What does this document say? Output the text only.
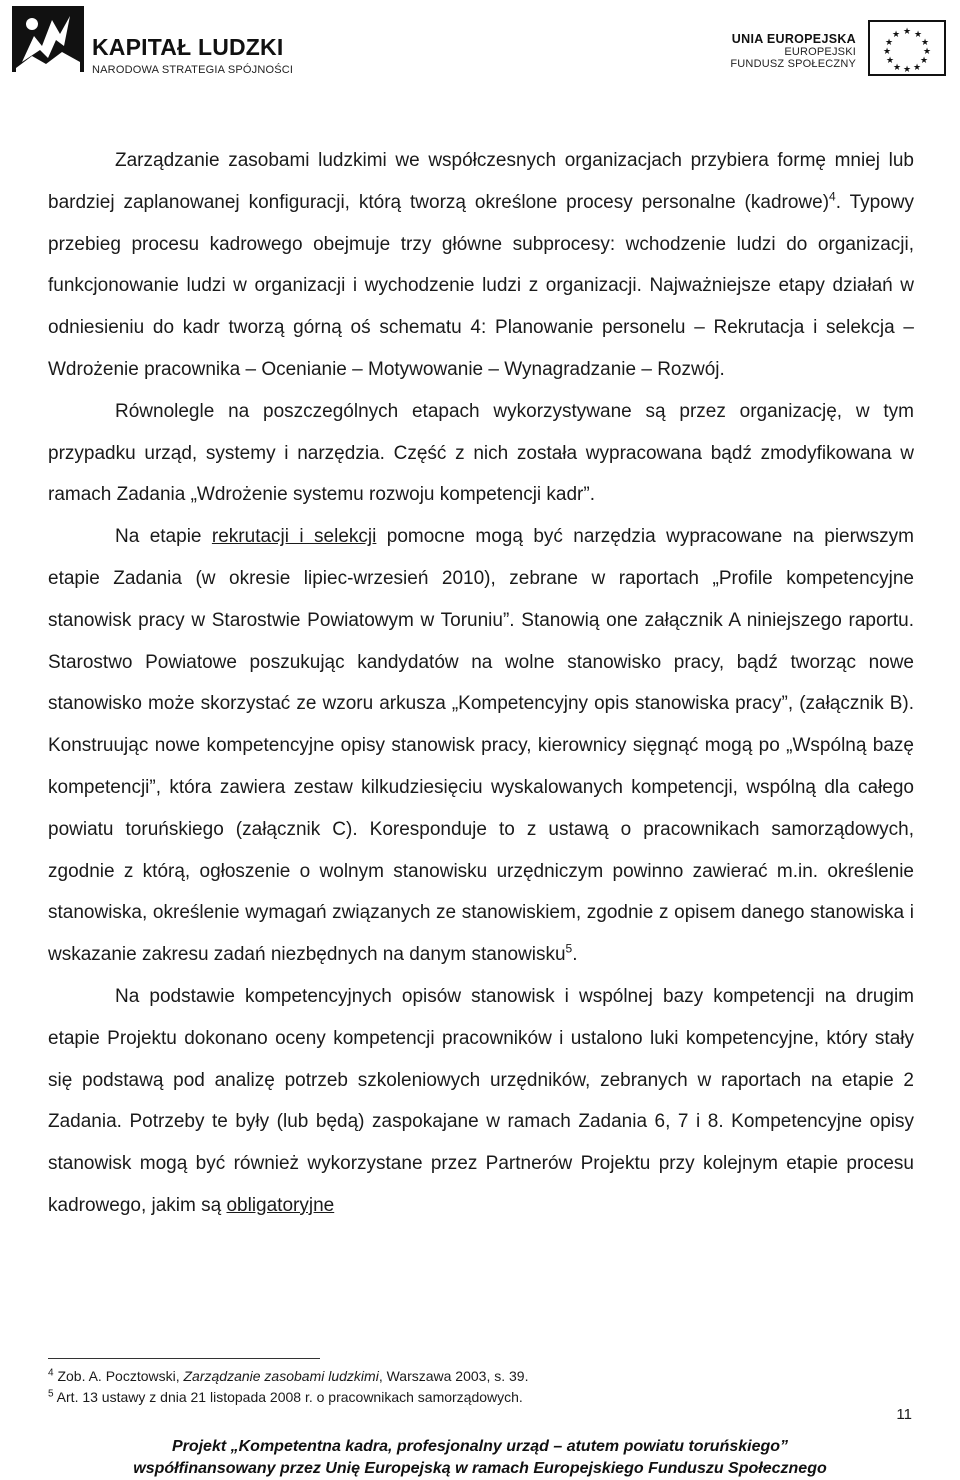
KAPITAŁ LUDZKI
NARODOWA STRATEGIA SPÓJNOŚCI
UNIA EUROPEJSKA
EUROPEJSKI
FUNDUSZ SPOŁECZNY
★ ★
★
★
★
★
★
★
★
★
★
★

Zarządzanie zasobami ludzkimi we współczesnych organizacjach przybiera formę mniej lub bardziej zaplanowanej konfiguracji, którą tworzą określone procesy personalne (kadrowe)$^4$. Typowy przebieg procesu kadrowego obejmuje trzy główne subprocesy: wchodzenie ludzi do organizacji, funkcjonowanie ludzi w organizacji i wychodzenie ludzi z organizacji. Najważniejsze etapy działań w odniesieniu do kadr tworzą górną oś schematu 4: Planowanie personelu – Rekrutacja i selekcja – Wdrożenie pracownika – Ocenianie – Motywowanie – Wynagradzanie – Rozwój.

Równolegle na poszczególnych etapach wykorzystywane są przez organizację, w tym przypadku urząd, systemy i narzędzia. Część z nich została wypracowana bądź zmodyfikowana w ramach Zadania „Wdrożenie systemu rozwoju kompetencji kadr”.

Na etapie rekrutacji i selekcji pomocne mogą być narzędzia wypracowane na pierwszym etapie Zadania (w okresie lipiec-wrzesień 2010), zebrane w raportach „Profile kompetencyjne stanowisk pracy w Starostwie Powiatowym w Toruniu”. Stanowią one załącznik A niniejszego raportu. Starostwo Powiatowe poszukując kandydatów na wolne stanowisko pracy, bądź tworząc nowe stanowisko może skorzystać ze wzoru arkusza „Kompetencyjny opis stanowiska pracy”, (załącznik B). Konstruując nowe kompetencyjne opisy stanowisk pracy, kierownicy sięgnąć mogą po „Wspólną bazę kompetencji”, która zawiera zestaw kilkudziesięciu wyskalowanych kompetencji, wspólną dla całego powiatu toruńskiego (załącznik C). Koresponduje to z ustawą o pracownikach samorządowych, zgodnie z którą, ogłoszenie o wolnym stanowisku urzędniczym powinno zawierać m.in. określenie stanowiska, określenie wymagań związanych ze stanowiskiem, zgodnie z opisem danego stanowiska i wskazanie zakresu zadań niezbędnych na danym stanowisku$^5$.

Na podstawie kompetencyjnych opisów stanowisk i wspólnej bazy kompetencji na drugim etapie Projektu dokonano oceny kompetencji pracowników i ustalono luki kompetencyjne, który stały się podstawą pod analizę potrzeb szkoleniowych urzędników, zebranych w raportach na etapie 2 Zadania. Potrzeby te były (lub będą) zaspokajane w ramach Zadania 6, 7 i 8. Kompetencyjne opisy stanowisk mogą być również wykorzystane przez Partnerów Projektu przy kolejnym etapie procesu kadrowego, jakim są obligatoryjne

$^4$ Zob. A. Pocztowski, Zarządzanie zasobami ludzkimi, Warszawa 2003, s. 39.
$^5$ Art. 13 ustawy z dnia 21 listopada 2008 r. o pracownikach samorządowych.
11
Projekt „Kompetentna kadra, profesjonalny urząd – atutem powiatu toruńskiego”
współfinansowany przez Unię Europejską w ramach Europejskiego Funduszu Społecznego
